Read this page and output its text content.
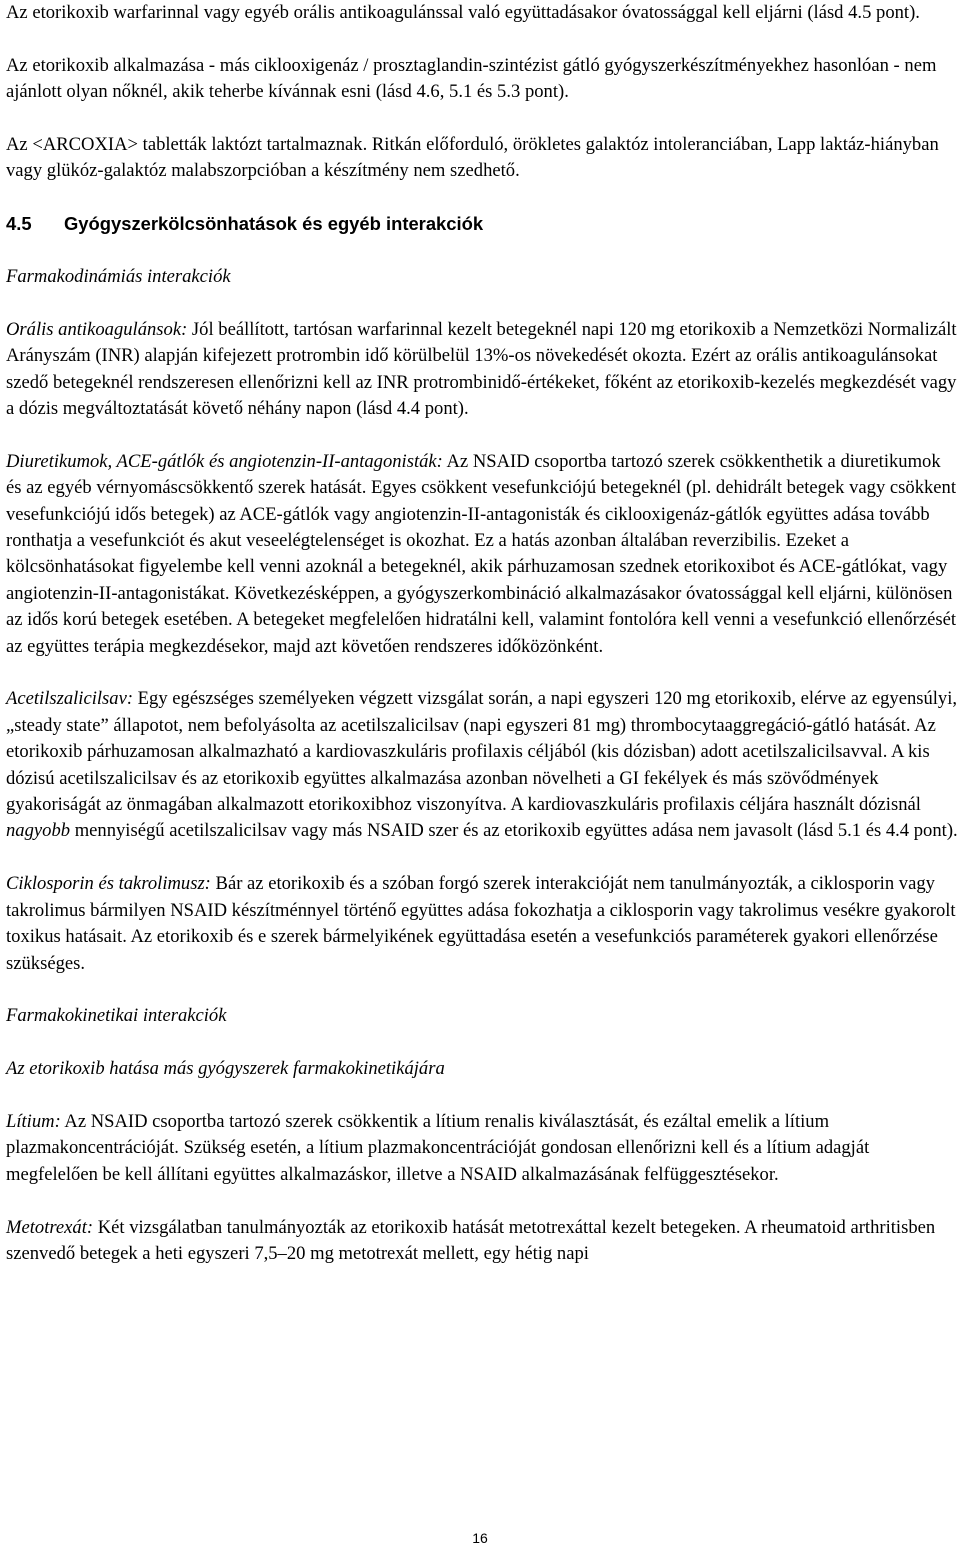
Az etorikoxib warfarinnal vagy egyéb orális antikoagulánssal való együttadásakor óvatossággal kell eljárni (lásd 4.5 pont).

Az etorikoxib alkalmazása - más ciklooxigenáz / prosztaglandin-szintézist gátló gyógyszerkészítményekhez hasonlóan - nem ajánlott olyan nőknél, akik teherbe kívánnak esni (lásd 4.6, 5.1 és 5.3 pont).

Az <ARCOXIA> tabletták laktózt tartalmaznak. Ritkán előforduló, örökletes galaktóz intoleranciában, Lapp laktáz-hiányban vagy glükóz-galaktóz malabszorpcióban a készítmény nem szedhető.

4.5	Gyógyszerkölcsönhatások és egyéb interakciók

Farmakodinámiás interakciók

Orális antikoagulánsok: Jól beállított, tartósan warfarinnal kezelt betegeknél napi 120 mg etorikoxib a Nemzetközi Normalizált Arányszám (INR) alapján kifejezett protrombin idő körülbelül 13%-os növekedését okozta. Ezért az orális antikoagulánsokat szedő betegeknél rendszeresen ellenőrizni kell az INR protrombinidő-értékeket, főként az etorikoxib-kezelés megkezdését vagy a dózis megváltoztatását követő néhány napon (lásd 4.4 pont).

Diuretikumok, ACE-gátlók és angiotenzin-II-antagonisták: Az NSAID csoportba tartozó szerek csökkenthetik a diuretikumok és az egyéb vérnyomáscsökkentő szerek hatását. Egyes csökkent vesefunkciójú betegeknél (pl. dehidrált betegek vagy csökkent vesefunkciójú idős betegek) az ACE-gátlók vagy angiotenzin-II-antagonisták és ciklooxigenáz-gátlók együttes adása tovább ronthatja a vesefunkciót és akut veseelégtelenséget is okozhat. Ez a hatás azonban általában reverzibilis. Ezeket a kölcsönhatásokat figyelembe kell venni azoknál a betegeknél, akik párhuzamosan szednek etorikoxibot és ACE-gátlókat, vagy angiotenzin-II-antagonistákat. Következésképpen, a gyógyszerkombináció alkalmazásakor óvatossággal kell eljárni, különösen az idős korú betegek esetében. A betegeket megfelelően hidratálni kell, valamint fontolóra kell venni a vesefunkció ellenőrzését az együttes terápia megkezdésekor, majd azt követően rendszeres időközönként.

Acetilszalicilsav: Egy egészséges személyeken végzett vizsgálat során, a napi egyszeri 120 mg etorikoxib, elérve az egyensúlyi, „steady state” állapotot, nem befolyásolta az acetilszalicilsav (napi egyszeri 81 mg) thrombocytaaggregáció-gátló hatását. Az etorikoxib párhuzamosan alkalmazható a kardiovaszkuláris profilaxis céljából (kis dózisban) adott acetilszalicilsavval. A kis dózisú acetilszalicilsav és az etorikoxib együttes alkalmazása azonban növelheti a GI fekélyek és más szövődmények gyakoriságát az önmagában alkalmazott etorikoxibhoz viszonyítva. A kardiovaszkuláris profilaxis céljára használt dózisnál nagyobb mennyiségű acetilszalicilsav vagy más NSAID szer és az etorikoxib együttes adása nem javasolt (lásd 5.1 és 4.4 pont).

Ciklosporin és takrolimusz: Bár az etorikoxib és a szóban forgó szerek interakcióját nem tanulmányozták, a ciklosporin vagy takrolimus bármilyen NSAID készítménnyel történő együttes adása fokozhatja a ciklosporin vagy takrolimus vesékre gyakorolt toxikus hatásait. Az etorikoxib és e szerek bármelyikének együttadása esetén a vesefunkciós paraméterek gyakori ellenőrzése szükséges.

Farmakokinetikai interakciók

Az etorikoxib hatása más gyógyszerek farmakokinetikájára

Lítium: Az NSAID csoportba tartozó szerek csökkentik a lítium renalis kiválasztását, és ezáltal emelik a lítium plazmakoncentrációját. Szükség esetén, a lítium plazmakoncentrációját gondosan ellenőrizni kell és a lítium adagját megfelelően be kell állítani együttes alkalmazáskor, illetve a NSAID alkalmazásának felfüggesztésekor.

Metotrexát: Két vizsgálatban tanulmányozták az etorikoxib hatását metotrexáttal kezelt betegeken. A rheumatoid arthritisben szenvedő betegek a heti egyszeri 7,5–20 mg metotrexát mellett, egy hétig napi

16
